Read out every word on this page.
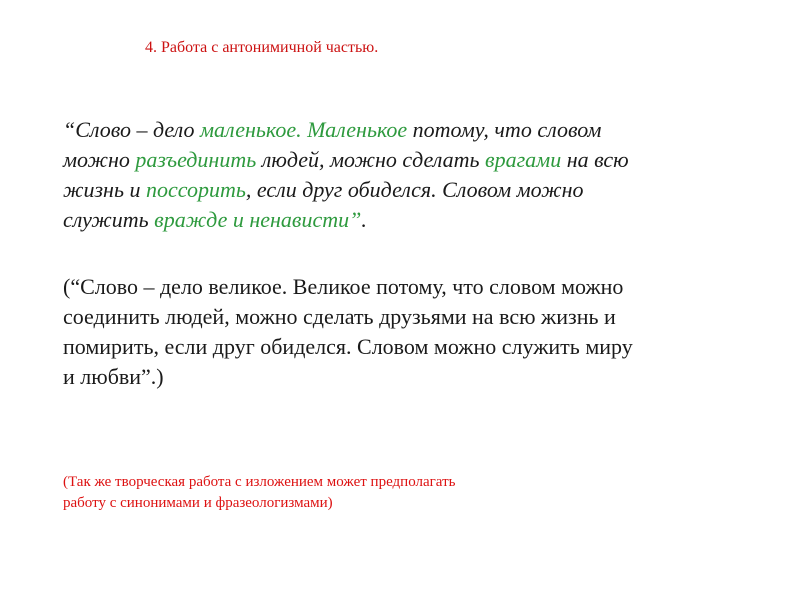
4. Работа с антонимичной частью.

“Слово – дело маленькое. Маленькое потому, что словом

можно разъединить людей, можно сделать врагами на всю

жизнь и поссорить, если друг обиделся. Словом можно

служить вражде и ненависти”.

(“Слово – дело великое. Великое потому, что словом можно

соединить людей, можно сделать друзьями на всю жизнь и

помирить, если друг обиделся. Словом можно служить миру

и любви”.)

(Так же творческая работа с изложением может предполагать

работу с синонимами и фразеологизмами)
